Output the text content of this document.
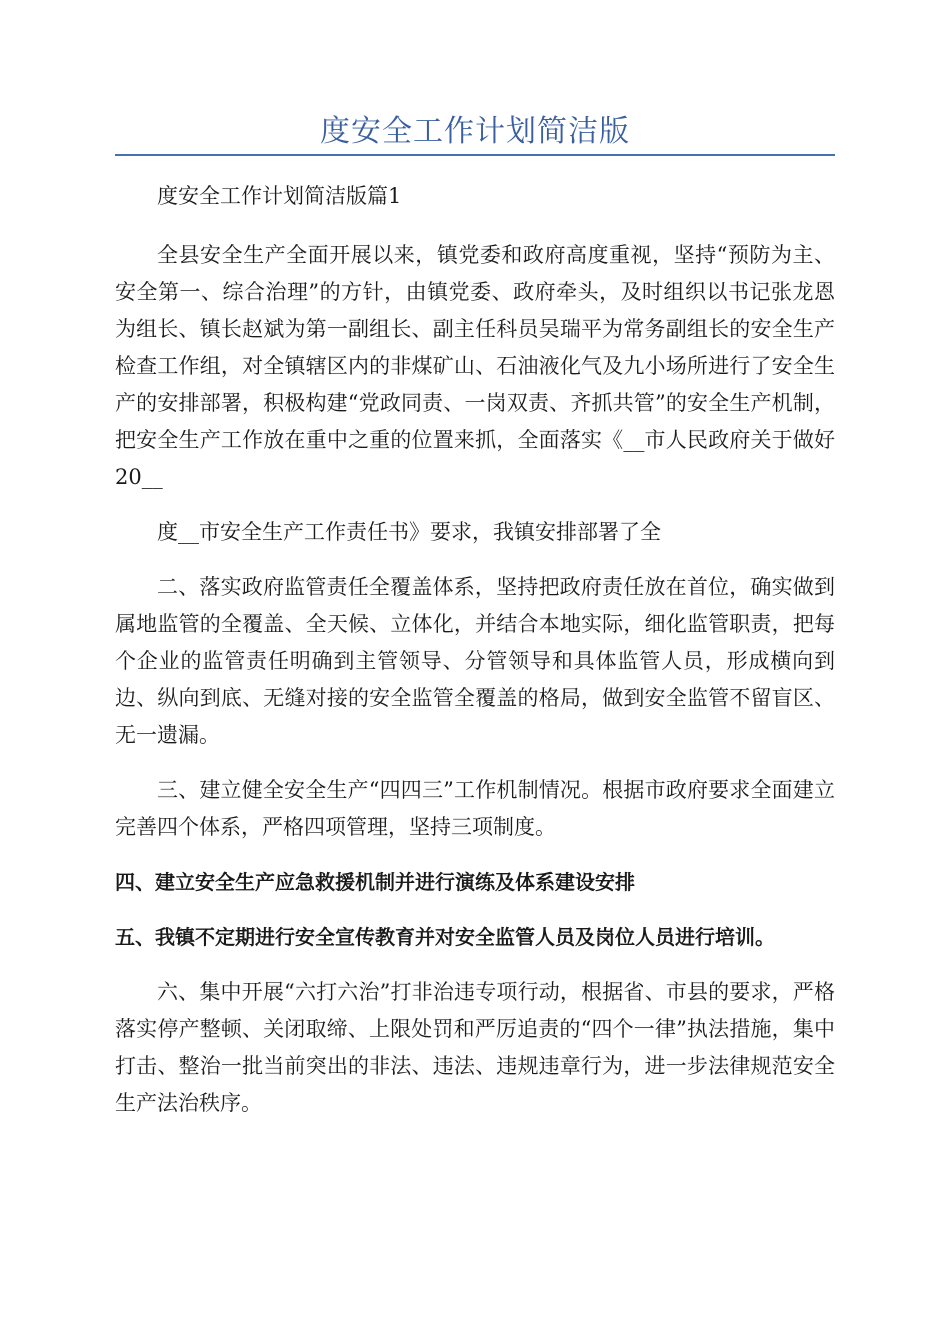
度安全工作计划简洁版

度安全工作计划简洁版篇1

全县安全生产全面开展以来，镇党委和政府高度重视，坚持“预防为主、安全第一、综合治理”的方针，由镇党委、政府牵头，及时组织以书记张龙恩为组长、镇长赵斌为第一副组长、副主任科员吴瑞平为常务副组长的安全生产检查工作组，对全镇辖区内的非煤矿山、石油液化气及九小场所进行了安全生产的安排部署，积极构建“党政同责、一岗双责、齐抓共管”的安全生产机制，把安全生产工作放在重中之重的位置来抓，全面落实《__市人民政府关于做好20__

度__市安全生产工作责任书》要求，我镇安排部署了全

二、落实政府监管责任全覆盖体系，坚持把政府责任放在首位，确实做到属地监管的全覆盖、全天候、立体化，并结合本地实际，细化监管职责，把每个企业的监管责任明确到主管领导、分管领导和具体监管人员，形成横向到边、纵向到底、无缝对接的安全监管全覆盖的格局，做到安全监管不留盲区、无一遗漏。

三、建立健全安全生产“四四三”工作机制情况。根据市政府要求全面建立完善四个体系，严格四项管理，坚持三项制度。

四、建立安全生产应急救援机制并进行演练及体系建设安排

五、我镇不定期进行安全宣传教育并对安全监管人员及岗位人员进行培训。

六、集中开展“六打六治”打非治违专项行动，根据省、市县的要求，严格落实停产整顿、关闭取缔、上限处罚和严厉追责的“四个一律”执法措施，集中打击、整治一批当前突出的非法、违法、违规违章行为，进一步法律规范安全生产法治秩序。
